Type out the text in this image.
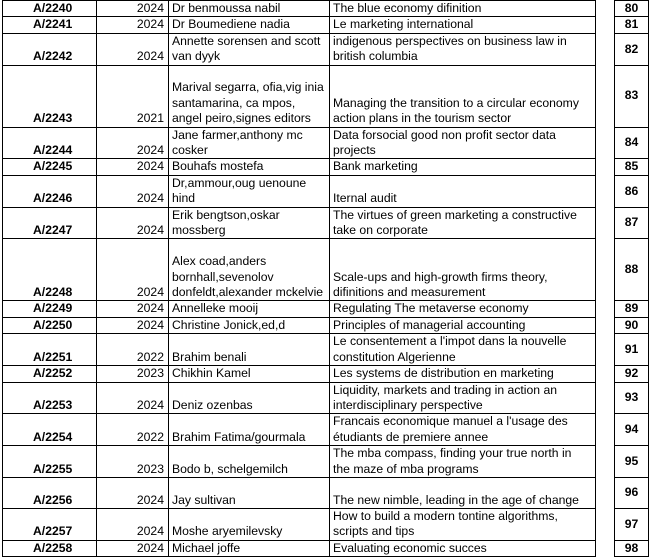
A/2240	2024	Dr benmoussa nabil	The blue economy difinition		80
A/2241	2024	Dr Boumediene nadia	Le marketing international		81
A/2242	2024	Annette sorensen and scott van dyyk	indigenous perspectives on business law in british columbia		82
A/2243	2021	Marival segarra, ofia,vig inia santamarina, ca mpos, angel peiro,signes editors	Managing the transition to a circular economy action plans in the tourism sector		83
A/2244	2024	Jane farmer,anthony mc cosker	Data forsocial good non profit sector data projects		84
A/2245	2024	Bouhafs mostefa	Bank marketing		85
A/2246	2024	Dr,ammour,oug uenoune hind	Iternal audit		86
A/2247	2024	Erik bengtson,oskar mossberg	The virtues of green marketing a constructive take on corporate		87
A/2248	2024	Alex coad,anders bornhall,sevenolov donfeldt,alexander mckelvie	Scale-ups and high-growth firms theory, difinitions and measurement		88
A/2249	2024	Annelleke mooij	Regulating The metaverse economy		89
A/2250	2024	Christine Jonick,ed,d	Principles of managerial accounting		90
A/2251	2022	Brahim benali	Le consentement a l'impot dans la nouvelle constitution Algerienne		91
A/2252	2023	Chikhin Kamel	Les systems de distribution en marketing		92
A/2253	2024	Deniz ozenbas	Liquidity, markets and trading in action an interdisciplinary perspective		93
A/2254	2022	Brahim Fatima/gourmala	Francais economique manuel a l'usage des étudiants de premiere annee		94
A/2255	2023	Bodo b, schelgemilch	The mba compass, finding your true north in the maze of mba programs		95
A/2256	2024	Jay sultivan	The new nimble, leading in the age of change		96
A/2257	2024	Moshe aryemilevsky	How to build a modern tontine algorithms, scripts and tips		97
A/2258	2024	Michael joffe	Evaluating economic succes		98
